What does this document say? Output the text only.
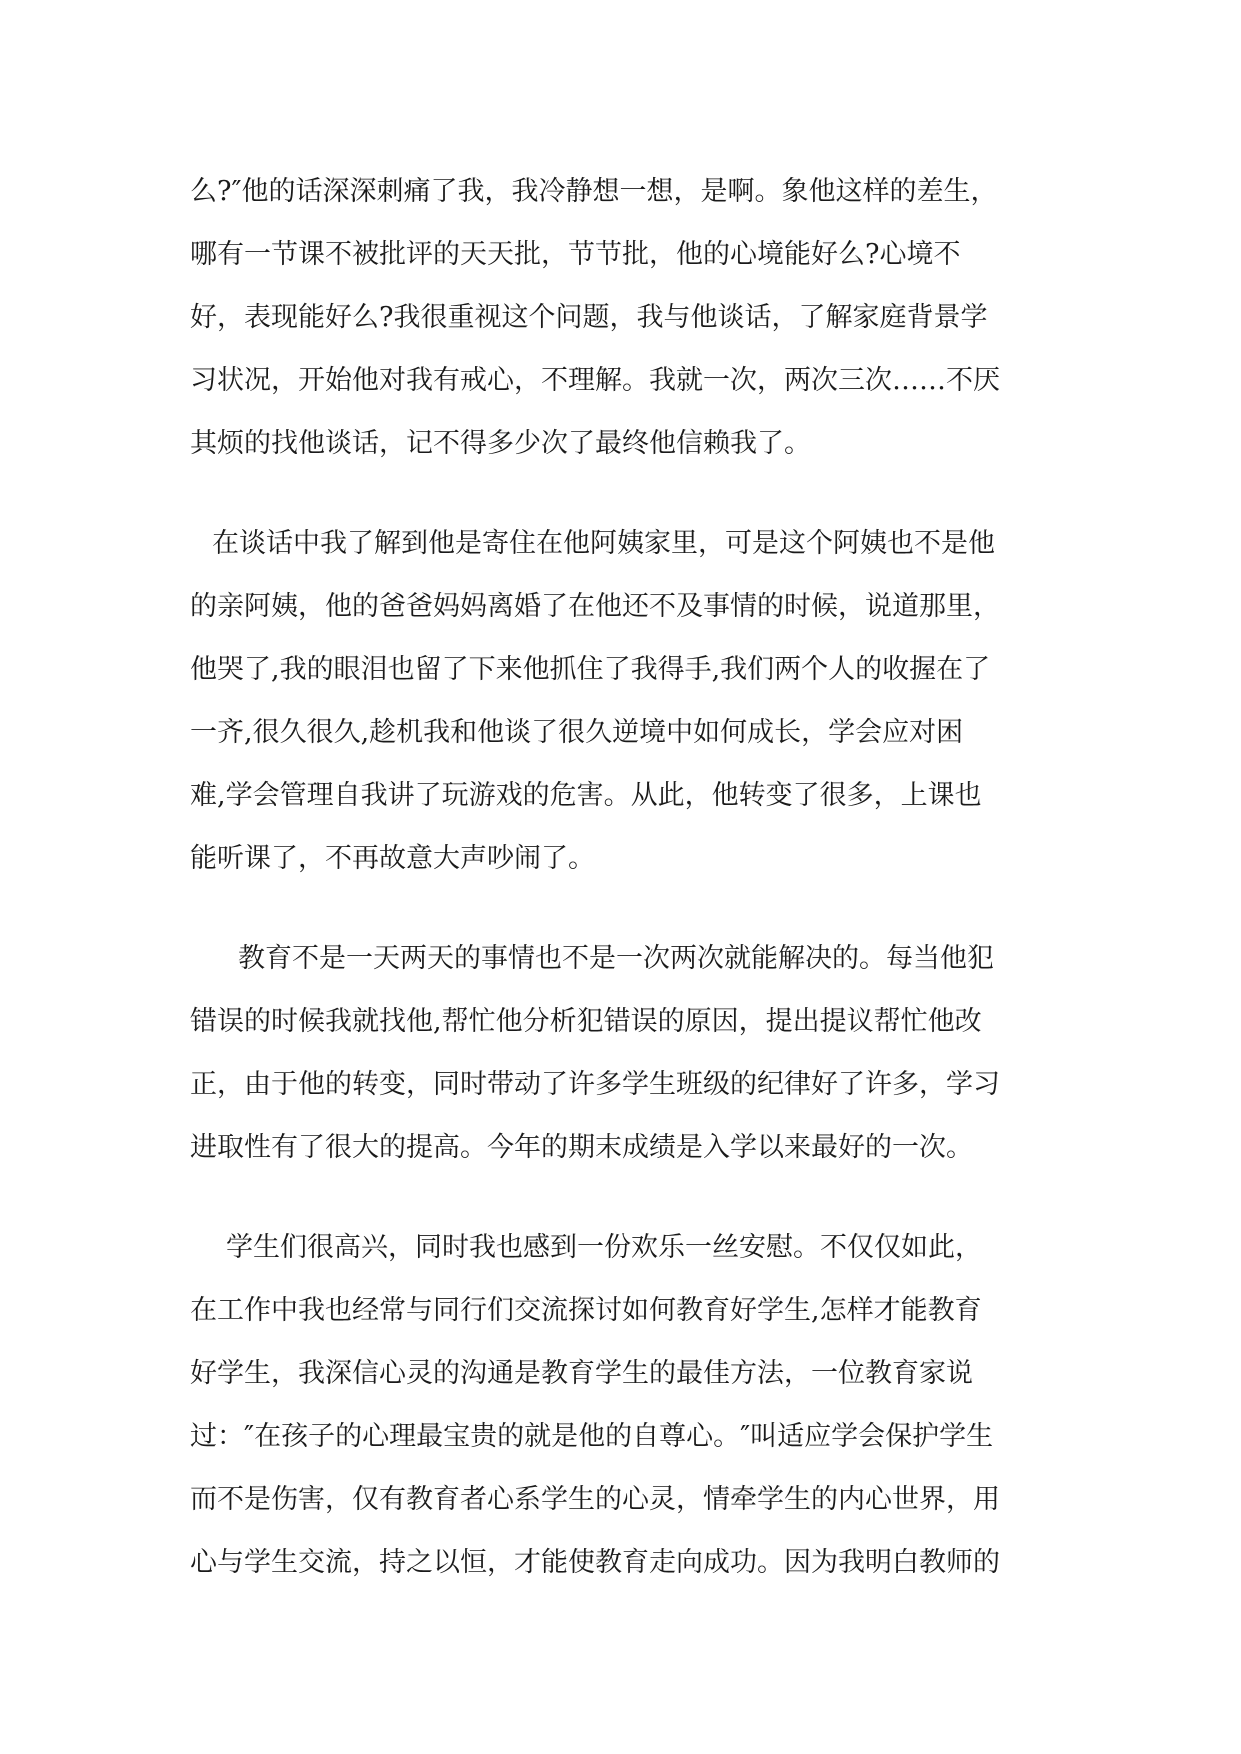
么?″他的话深深刺痛了我，我冷静想一想，是啊。象他这样的差生，
哪有一节课不被批评的天天批，节节批，他的心境能好么?心境不
好，表现能好么?我很重视这个问题，我与他谈话，了解家庭背景学
习状况，开始他对我有戒心，不理解。我就一次，两次三次……不厌
其烦的找他谈话，记不得多少次了最终他信赖我了。
在谈话中我了解到他是寄住在他阿姨家里，可是这个阿姨也不是他
的亲阿姨，他的爸爸妈妈离婚了在他还不及事情的时候，说道那里，
他哭了,我的眼泪也留了下来他抓住了我得手,我们两个人的收握在了
一齐,很久很久,趁机我和他谈了很久逆境中如何成长，学会应对困
难,学会管理自我讲了玩游戏的危害。从此，他转变了很多，上课也
能听课了，不再故意大声吵闹了。
教育不是一天两天的事情也不是一次两次就能解决的。每当他犯
错误的时候我就找他,帮忙他分析犯错误的原因，提出提议帮忙他改
正，由于他的转变，同时带动了许多学生班级的纪律好了许多，学习
进取性有了很大的提高。今年的期末成绩是入学以来最好的一次。
学生们很高兴，同时我也感到一份欢乐一丝安慰。不仅仅如此，
在工作中我也经常与同行们交流探讨如何教育好学生,怎样才能教育
好学生，我深信心灵的沟通是教育学生的最佳方法，一位教育家说
过：″在孩子的心理最宝贵的就是他的自尊心。″叫适应学会保护学生
而不是伤害，仅有教育者心系学生的心灵，情牵学生的内心世界，用
心与学生交流，持之以恒，才能使教育走向成功。因为我明白教师的
